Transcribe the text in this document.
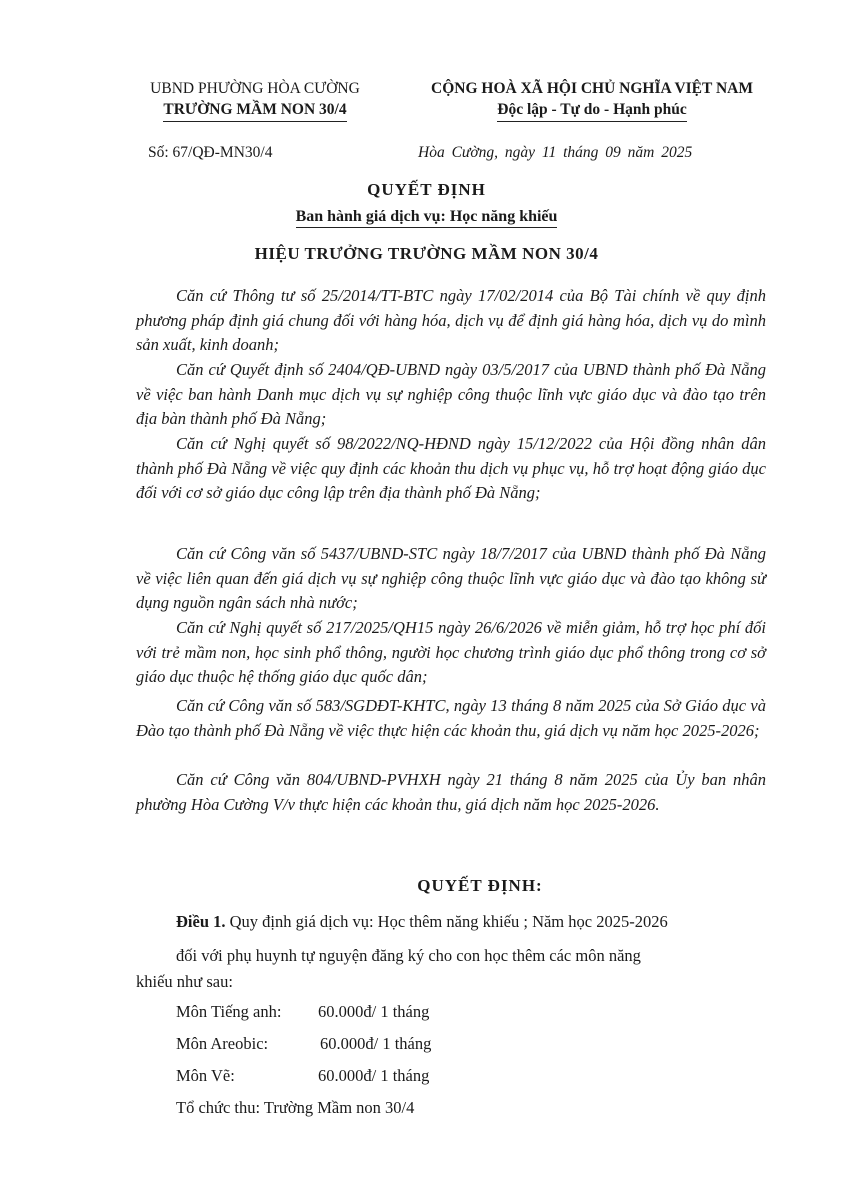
UBND PHƯỜNG HÒA CƯỜNG
TRƯỜNG MẦM NON 30/4
CỘNG HOÀ XÃ HỘI CHỦ NGHĨA VIỆT NAM
Độc lập - Tự do - Hạnh phúc
Số: 67/QĐ-MN30/4	Hòa Cường, ngày 11 tháng 09 năm 2025
QUYẾT ĐỊNH
Ban hành giá dịch vụ: Học năng khiếu
HIỆU TRƯỞNG TRƯỜNG MẦM NON 30/4
Căn cứ Thông tư số 25/2014/TT-BTC ngày 17/02/2014 của Bộ Tài chính về quy định phương pháp định giá chung đối với hàng hóa, dịch vụ để định giá hàng hóa, dịch vụ do mình sản xuất, kinh doanh;
Căn cứ Quyết định số 2404/QĐ-UBND ngày 03/5/2017 của UBND thành phố Đà Nẵng về việc ban hành Danh mục dịch vụ sự nghiệp công thuộc lĩnh vực giáo dục và đào tạo trên địa bàn thành phố Đà Nẵng;
Căn cứ Nghị quyết số 98/2022/NQ-HĐND ngày 15/12/2022 của Hội đồng nhân dân thành phố Đà Nẵng về việc quy định các khoản thu dịch vụ phục vụ, hỗ trợ hoạt động giáo dục đối với cơ sở giáo dục công lập trên địa thành phố Đà Nẵng;
Căn cứ Công văn số 5437/UBND-STC ngày 18/7/2017 của UBND thành phố Đà Nẵng về việc liên quan đến giá dịch vụ sự nghiệp công thuộc lĩnh vực giáo dục và đào tạo không sử dụng nguồn ngân sách nhà nước;
Căn cứ Nghị quyết số 217/2025/QH15 ngày 26/6/2026 về miễn giảm, hỗ trợ học phí đối với trẻ mầm non, học sinh phổ thông, người học chương trình giáo dục phổ thông trong cơ sở giáo dục thuộc hệ thống giáo dục quốc dân;
Căn cứ Công văn số 583/SGDĐT-KHTC, ngày 13 tháng 8 năm 2025 của Sở Giáo dục và Đào tạo thành phố Đà Nẵng về việc thực hiện các khoản thu, giá dịch vụ năm học 2025-2026;
Căn cứ Công văn 804/UBND-PVHXH ngày 21 tháng 8 năm 2025 của Ủy ban nhân phường Hòa Cường V/v thực hiện các khoản thu, giá dịch năm học 2025-2026.
QUYẾT ĐỊNH:
Điều 1. Quy định giá dịch vụ: Học thêm năng khiếu ; Năm học 2025-2026
đối với phụ huynh tự nguyện đăng ký cho con học thêm các môn năng
khiếu như sau:
Môn Tiếng anh: 60.000đ/ 1 tháng
Môn Areobic:	60.000đ/ 1 tháng
Môn Vẽ:	60.000đ/ 1 tháng
Tổ chức thu: Trường Mầm non 30/4
